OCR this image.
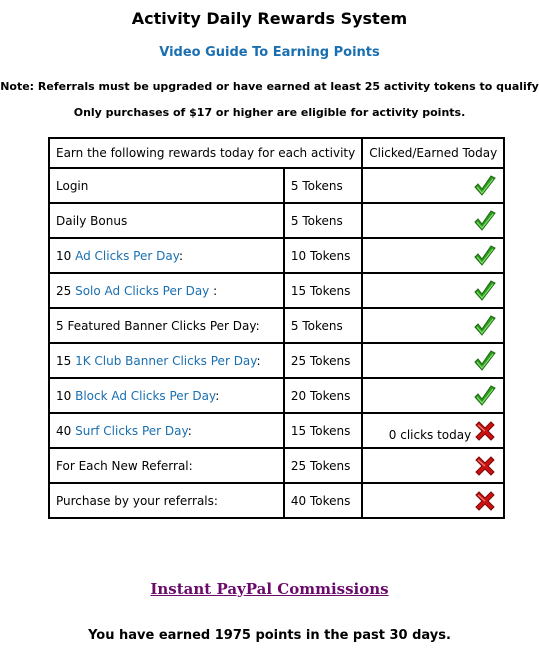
Activity Daily Rewards System
Video Guide To Earning Points
Note: Referrals must be upgraded or have earned at least 25 activity tokens to qualify
Only purchases of $17 or higher are eligible for activity points.
Earn the following rewards today for each activity		Clicked/Earned Today
Login	5 Tokens	
Daily Bonus	5 Tokens	
10 Ad Clicks Per Day:	10 Tokens	
25 Solo Ad Clicks Per Day :	15 Tokens	
5 Featured Banner Clicks Per Day:	5 Tokens	
15 1K Club Banner Clicks Per Day:	25 Tokens	
10 Block Ad Clicks Per Day:	20 Tokens	
40 Surf Clicks Per Day:	15 Tokens	0 clicks today
For Each New Referral:	25 Tokens	
Purchase by your referrals:	40 Tokens	
Instant PayPal Commissions
You have earned 1975 points in the past 30 days.
